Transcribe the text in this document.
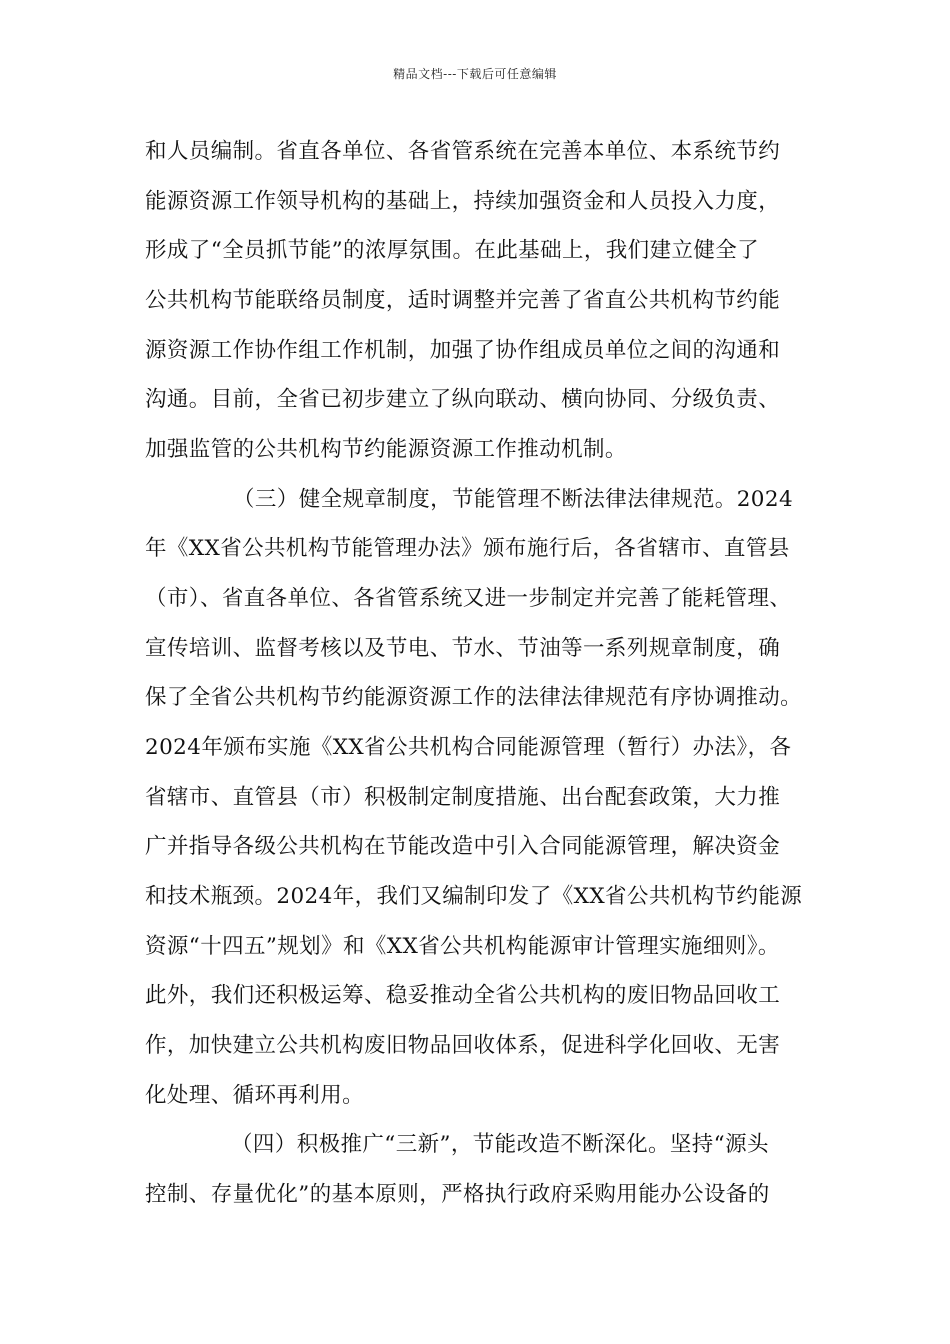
精品文档---下载后可任意编辑
和人员编制。省直各单位、各省管系统在完善本单位、本系统节约
能源资源工作领导机构的基础上，持续加强资金和人员投入力度，
形成了“全员抓节能”的浓厚氛围。在此基础上，我们建立健全了
公共机构节能联络员制度，适时调整并完善了省直公共机构节约能
源资源工作协作组工作机制，加强了协作组成员单位之间的沟通和
沟通。目前，全省已初步建立了纵向联动、横向协同、分级负责、
加强监管的公共机构节约能源资源工作推动机制。
（三）健全规章制度，节能管理不断法律法律规范。2024
年《XX省公共机构节能管理办法》颁布施行后，各省辖市、直管县
（市）、省直各单位、各省管系统又进一步制定并完善了能耗管理、
宣传培训、监督考核以及节电、节水、节油等一系列规章制度，确
保了全省公共机构节约能源资源工作的法律法律规范有序协调推动。
2024年颁布实施《XX省公共机构合同能源管理（暂行）办法》，各
省辖市、直管县（市）积极制定制度措施、出台配套政策，大力推
广并指导各级公共机构在节能改造中引入合同能源管理，解决资金
和技术瓶颈。2024年，我们又编制印发了《XX省公共机构节约能源
资源“十四五”规划》和《XX省公共机构能源审计管理实施细则》。
此外，我们还积极运筹、稳妥推动全省公共机构的废旧物品回收工
作，加快建立公共机构废旧物品回收体系，促进科学化回收、无害
化处理、循环再利用。
（四）积极推广“三新”，节能改造不断深化。坚持“源头
控制、存量优化”的基本原则，严格执行政府采购用能办公设备的
